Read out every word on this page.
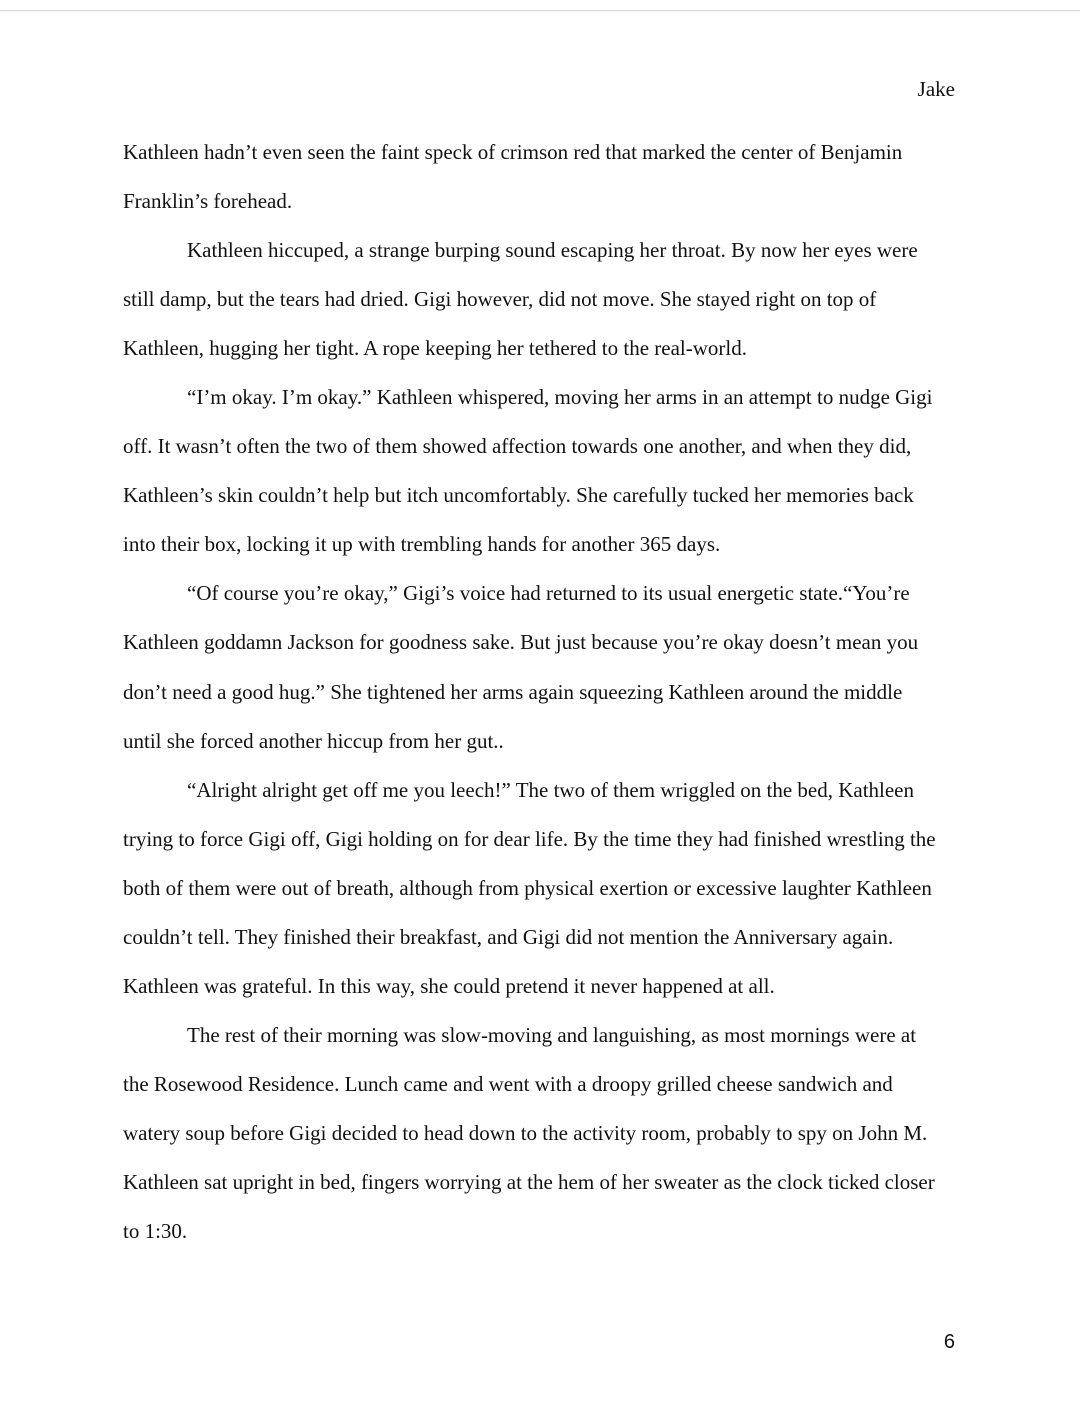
Jake

Kathleen hadn’t even seen the faint speck of crimson red that marked the center of Benjamin
Franklin’s forehead.

Kathleen hiccuped, a strange burping sound escaping her throat. By now her eyes were
still damp, but the tears had dried. Gigi however, did not move. She stayed right on top of
Kathleen, hugging her tight. A rope keeping her tethered to the real-world.

“I’m okay. I’m okay.” Kathleen whispered, moving her arms in an attempt to nudge Gigi
off. It wasn’t often the two of them showed affection towards one another, and when they did,
Kathleen’s skin couldn’t help but itch uncomfortably. She carefully tucked her memories back
into their box, locking it up with trembling hands for another 365 days.

“Of course you’re okay,” Gigi’s voice had returned to its usual energetic state.“You’re
Kathleen goddamn Jackson for goodness sake. But just because you’re okay doesn’t mean you
don’t need a good hug.” She tightened her arms again squeezing Kathleen around the middle
until she forced another hiccup from her gut..

“Alright alright get off me you leech!” The two of them wriggled on the bed, Kathleen
trying to force Gigi off, Gigi holding on for dear life. By the time they had finished wrestling the
both of them were out of breath, although from physical exertion or excessive laughter Kathleen
couldn’t tell. They finished their breakfast, and Gigi did not mention the Anniversary again.
Kathleen was grateful. In this way, she could pretend it never happened at all.

The rest of their morning was slow-moving and languishing, as most mornings were at
the Rosewood Residence. Lunch came and went with a droopy grilled cheese sandwich and
watery soup before Gigi decided to head down to the activity room, probably to spy on John M.
Kathleen sat upright in bed, fingers worrying at the hem of her sweater as the clock ticked closer
to 1:30.

6
